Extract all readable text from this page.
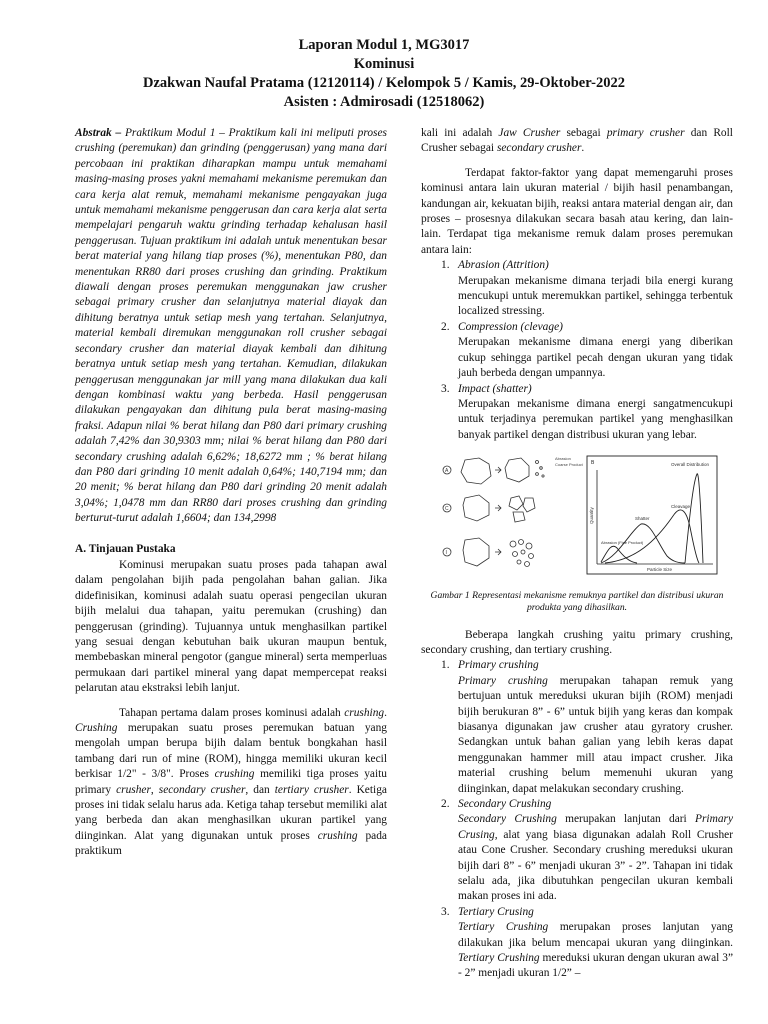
Laporan Modul 1, MG3017
Kominusi
Dzakwan Naufal Pratama (12120114) / Kelompok 5 / Kamis, 29-Oktober-2022
Asisten : Admirosadi (12518062)

Abstrak – Praktikum Modul 1 – Praktikum kali ini meliputi proses crushing (peremukan) dan grinding (penggerusan) yang mana dari percobaan ini praktikan diharapkan mampu untuk memahami masing-masing proses yakni memahami mekanisme peremukan dan cara kerja alat remuk, memahami mekanisme pengayakan juga untuk memahami mekanisme penggerusan dan cara kerja alat serta mempelajari pengaruh waktu grinding terhadap kehalusan hasil penggerusan. Tujuan praktikum ini adalah untuk menentukan besar berat material yang hilang tiap proses (%), menentukan P80, dan menentukan RR80 dari proses crushing dan grinding. Praktikum diawali dengan proses peremukan menggunakan jaw crusher sebagai primary crusher dan selanjutnya material diayak dan dihitung beratnya untuk setiap mesh yang tertahan. Selanjutnya, material kembali diremukan menggunakan roll crusher sebagai secondary crusher dan material diayak kembali dan dihitung beratnya untuk setiap mesh yang tertahan. Kemudian, dilakukan penggerusan menggunakan jar mill yang mana dilakukan dua kali dengan kombinasi waktu yang berbeda. Hasil penggerusan dilakukan pengayakan dan dihitung pula berat masing-masing fraksi. Adapun nilai % berat hilang dan P80 dari primary crushing adalah 7,42% dan 30,9303 mm; nilai % berat hilang dan P80 dari secondary crushing adalah 6,62%; 18,6272 mm ; % berat hilang dan P80 dari grinding 10 menit adalah 0,64%; 140,7194 mm; dan 20 menit; % berat hilang dan P80 dari grinding 20 menit adalah 3,04%; 1,0478 mm dan RR80 dari proses crushing dan grinding berturut-turut adalah 1,6604; dan 134,2998

A. Tinjauan Pustaka

Kominusi merupakan suatu proses pada tahapan awal dalam pengolahan bijih pada pengolahan bahan galian. Jika didefinisikan, kominusi adalah suatu operasi pengecilan ukuran bijih melalui dua tahapan, yaitu peremukan (crushing) dan penggerusan (grinding). Tujuannya untuk menghasilkan partikel yang sesuai dengan kebutuhan baik ukuran maupun bentuk, membebaskan mineral pengotor (gangue mineral) serta memperluas permukaan dari partikel mineral yang dapat mempercepat reaksi pelarutan atau ekstraksi lebih lanjut.

Tahapan pertama dalam proses kominusi adalah crushing. Crushing merupakan suatu proses peremukan batuan yang mengolah umpan berupa bijih dalam bentuk bongkahan hasil tambang dari run of mine (ROM), hingga memiliki ukuran kecil berkisar 1/2" - 3/8". Proses crushing memiliki tiga proses yaitu primary crusher, secondary crusher, dan tertiary crusher. Ketiga proses ini tidak selalu harus ada. Ketiga tahap tersebut memiliki alat yang berbeda dan akan menghasilkan ukuran partikel yang diinginkan. Alat yang digunakan untuk proses crushing pada praktikum

kali ini adalah Jaw Crusher sebagai primary crusher dan Roll Crusher sebagai secondary crusher.

Terdapat faktor-faktor yang dapat memengaruhi proses kominusi antara lain ukuran material / bijih hasil penambangan, kandungan air, kekuatan bijih, reaksi antara material dengan air, dan proses – prosesnya dilakukan secara basah atau kering, dan lain-lain. Terdapat tiga mekanisme remuk dalam proses peremukan antara lain:

1. Abrasion (Attrition)
Merupakan mekanisme dimana terjadi bila energi kurang mencukupi untuk meremukkan partikel, sehingga terbentuk localized stressing.
2. Compression (clevage)
Merupakan mekanisme dimana energi yang diberikan cukup sehingga partikel pecah dengan ukuran yang tidak jauh berbeda dengan umpannya.
3. Impact (shatter)
Merupakan mekanisme dimana energi sangatmencukupi untuk terjadinya peremukan partikel yang menghasilkan banyak partikel dengan distribusi ukuran yang lebar.
A
C
I
Abrasion
Coarse Product B
Quantity
Particle Size
Cleavage
Shatter
Abrasion (Fine Product)
Overall Distribution

Gambar 1 Representasi mekanisme remuknya partikel dan distribusi ukuran produkta yang dihasilkan.

Beberapa langkah crushing yaitu primary crushing, secondary crushing, dan tertiary crushing.

1. Primary crushing
Primary crushing merupakan tahapan remuk yang bertujuan untuk mereduksi ukuran bijih (ROM) menjadi bijih berukuran 8” - 6” untuk bijih yang keras dan kompak biasanya digunakan jaw crusher atau gyratory crusher. Sedangkan untuk bahan galian yang lebih keras dapat menggunakan hammer mill atau impact crusher. Jika material crushing belum memenuhi ukuran yang diinginkan, dapat melakukan secondary crushing.
2. Secondary Crushing
Secondary Crushing merupakan lanjutan dari Primary Crusing, alat yang biasa digunakan adalah Roll Crusher atau Cone Crusher. Secondary crushing mereduksi ukuran bijih dari 8” - 6” menjadi ukuran 3” - 2”. Tahapan ini tidak selalu ada, jika dibutuhkan pengecilan ukuran kembali makan proses ini ada.
3. Tertiary Crusing
Tertiary Crushing merupakan proses lanjutan yang dilakukan jika belum mencapai ukuran yang diinginkan. Tertiary Crushing mereduksi ukuran dengan ukuran awal 3” - 2” menjadi ukuran 1/2” –
